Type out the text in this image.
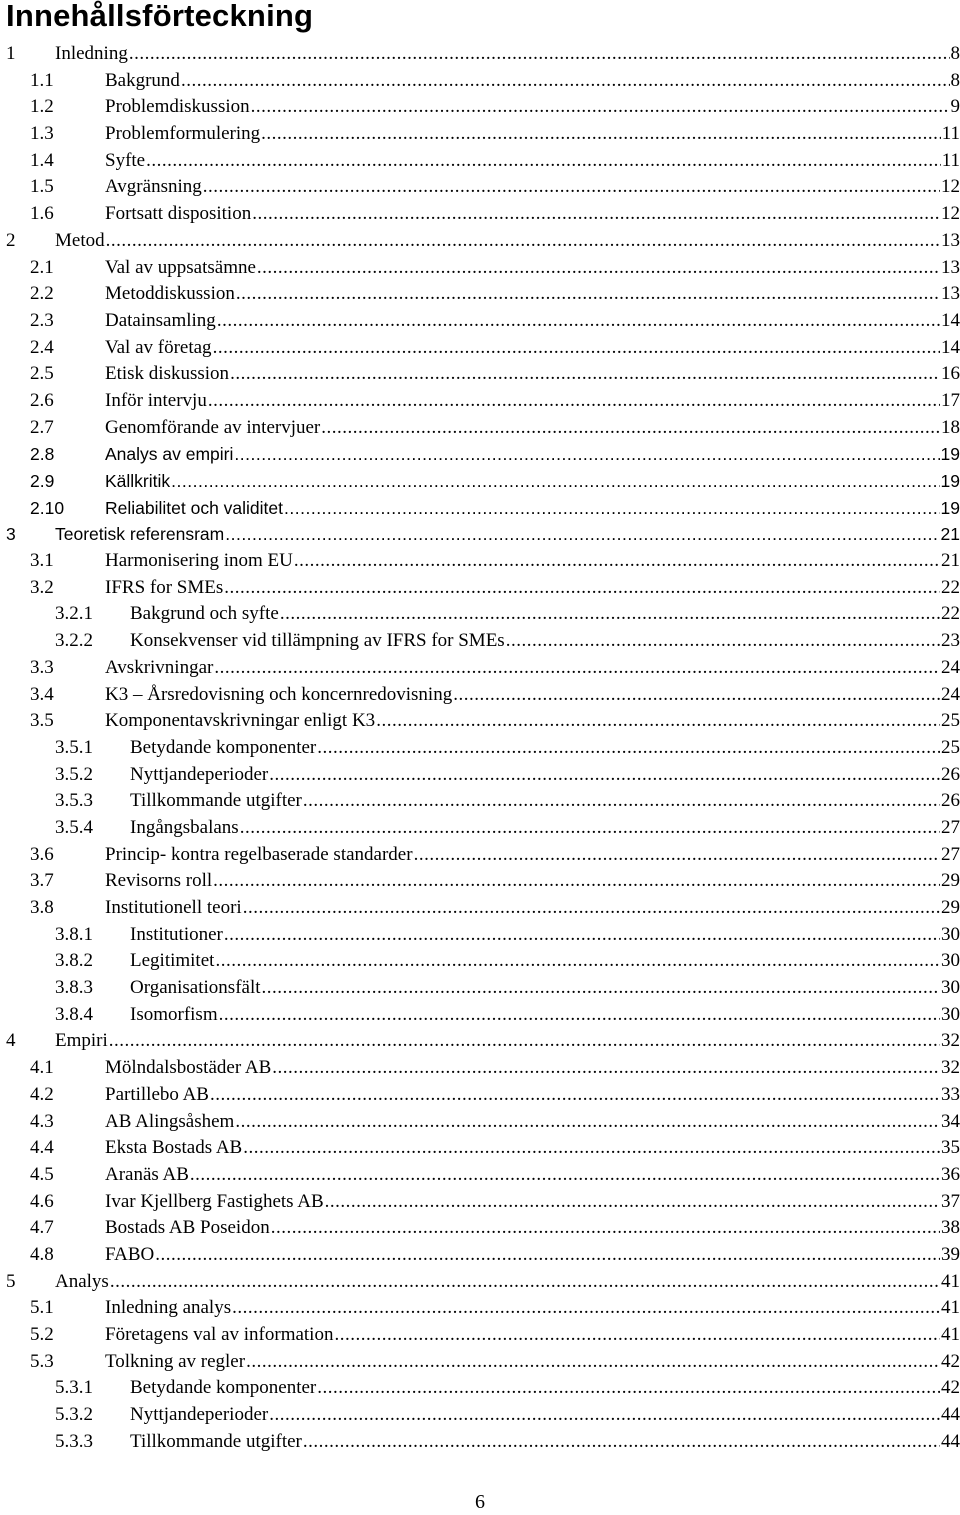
Innehållsförteckning
1 Inledning .....	8
1.1	Bakgrund .....	8
1.2	Problemdiskussion .....	9
1.3	Problemformulering .....	11
1.4	Syfte .....	11
1.5	Avgränsning .....	12
1.6	Fortsatt disposition .....	12
2 Metod .....	13
2.1	Val av uppsatsämne .....	13
2.2	Metoddiskussion .....	13
2.3	Datainsamling .....	14
2.4	Val av företag .....	14
2.5	Etisk diskussion .....	16
2.6	Inför intervju .....	17
2.7	Genomförande av intervjuer .....	18
2.8	Analys av empiri .....	19
2.9	Källkritik .....	19
2.10 Reliabilitet och validitet .....	19
3 Teoretisk referensram .....	21
3.1	Harmonisering inom EU .....	21
3.2	IFRS for SMEs .....	22
3.2.1 Bakgrund och syfte .....	22
3.2.2 Konsekvenser vid tillämpning av IFRS for SMEs .....	23
3.3	Avskrivningar .....	24
3.4	K3 – Årsredovisning och koncernredovisning .....	24
3.5	Komponentavskrivningar enligt K3 .....	25
3.5.1 Betydande komponenter .....	25
3.5.2 Nyttjandeperioder .....	26
3.5.3 Tillkommande utgifter .....	26
3.5.4 Ingångsbalans .....	27
3.6	Princip- kontra regelbaserade standarder .....	27
3.7	Revisorns roll .....	29
3.8	Institutionell teori .....	29
3.8.1 Institutioner .....	30
3.8.2 Legitimitet .....	30
3.8.3 Organisationsfält .....	30
3.8.4 Isomorfism .....	30
4 Empiri .....	32
4.1	Mölndalsbostäder AB .....	32
4.2	Partillebo AB .....	33
4.3	AB Alingsåshem .....	34
4.4	Eksta Bostads AB .....	35
4.5	Aranäs AB .....	36
4.6	Ivar Kjellberg Fastighets AB .....	37
4.7	Bostads AB Poseidon .....	38
4.8	FABO .....	39
5 Analys .....	41
5.1	Inledning analys .....	41
5.2	Företagens val av information .....	41
5.3	Tolkning av regler .....	42
5.3.1 Betydande komponenter .....	42
5.3.2 Nyttjandeperioder .....	44
5.3.3 Tillkommande utgifter .....	44
6
